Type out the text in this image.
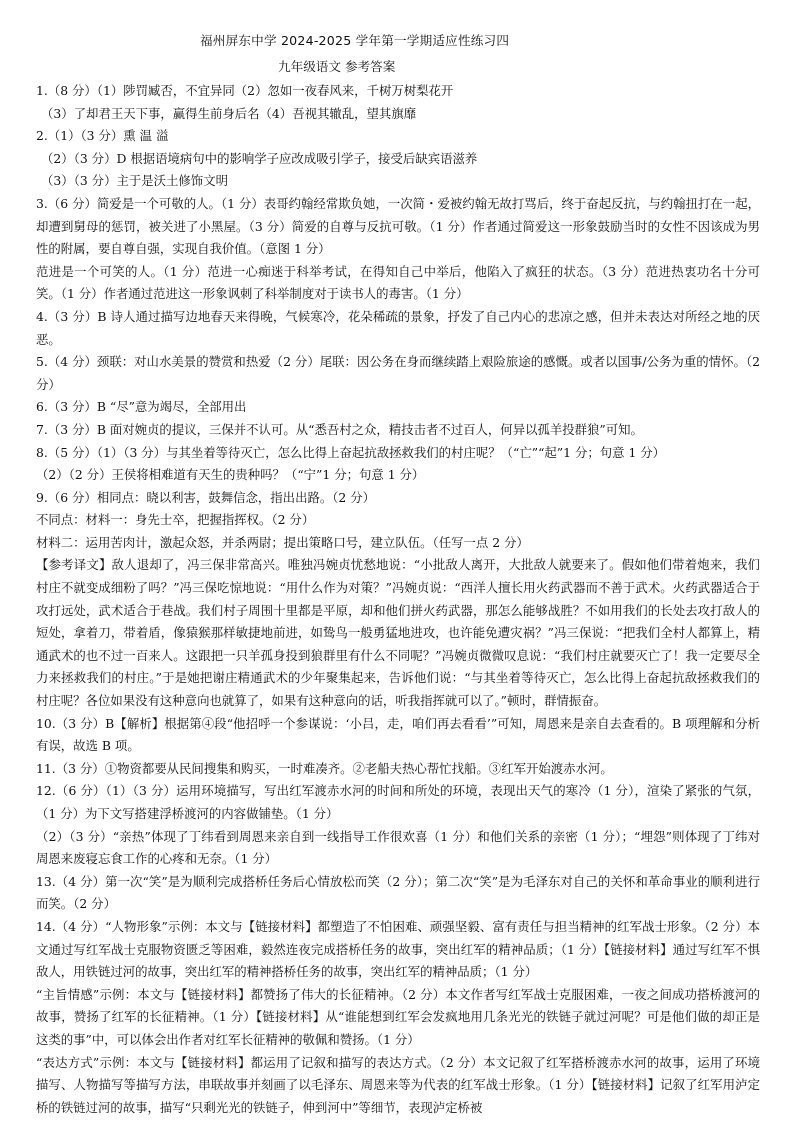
福州屏东中学 2024-2025 学年第一学期适应性练习四
九年级语文 参考答案

1.（8 分）（1）陟罚臧否，不宜异同（2）忽如一夜春风来，千树万树梨花开

（3）了却君王天下事，赢得生前身后名（4）吾视其辙乱，望其旗靡

2.（1）（3 分）熏 温 溢

（2）（3 分）D 根据语境病句中的影响学子应改成吸引学子，接受后缺宾语滋养

（3）（3 分）主于是沃土修饰文明

3.（6 分）简爱是一个可敬的人。（1 分）表哥约翰经常欺负她，一次简・爱被约翰无故打骂后，终于奋起反抗，与约翰扭打在一起，却遭到舅母的惩罚，被关进了小黑屋。（3 分）简爱的自尊与反抗可敬。（1 分）作者通过简爱这一形象鼓励当时的女性不因该成为男性的附属，要自尊自强，实现自我价值。（意图 1 分）

范进是一个可笑的人。（1 分）范进一心痴迷于科举考试，在得知自己中举后，他陷入了疯狂的状态。（3 分）范进热衷功名十分可笑。（1 分）作者通过范进这一形象讽刺了科举制度对于读书人的毒害。（1 分）

4.（3 分）B 诗人通过描写边地春天来得晚，气候寒冷，花朵稀疏的景象，抒发了自己内心的悲凉之感，但并未表达对所经之地的厌恶。

5.（4 分）颈联：对山水美景的赞赏和热爱（2 分）尾联：因公务在身而继续踏上艰险旅途的感慨。或者以国事/公务为重的情怀。（2 分）

6.（3 分）B “尽”意为竭尽，全部用出

7.（3 分）B 面对婉贞的提议，三保并不认可。从“悉吾村之众，精技击者不过百人，何异以孤羊投群狼”可知。

8.（5 分）（1）（3 分）与其坐着等待灭亡，怎么比得上奋起抗敌拯救我们的村庄呢？（“亡”“起”1 分；句意 1 分）

（2）（2 分）王侯将相难道有天生的贵种吗？（“宁”1 分；句意 1 分）

9.（6 分）相同点：晓以利害，鼓舞信念，指出出路。（2 分）

不同点：材料一：身先士卒，把握指挥权。（2 分）

材料二：运用苦肉计，激起众怒，并杀两尉；提出策略口号，建立队伍。（任写一点 2 分）

【参考译文】敌人退却了，冯三保非常高兴。唯独冯婉贞忧愁地说：“小批敌人离开，大批敌人就要来了。假如他们带着炮来，我们村庄不就变成细粉了吗？”冯三保吃惊地说：“用什么作为对策？”冯婉贞说：“西洋人擅长用火药武器而不善于武术。火药武器适合于攻打远处，武术适合于巷战。我们村子周围十里都是平原，却和他们拼火药武器，那怎么能够战胜？不如用我们的长处去攻打敌人的短处，拿着刀，带着盾，像猿猴那样敏捷地前进，如鸷鸟一般勇猛地进攻，也许能免遭灾祸？”冯三保说：“把我们全村人都算上，精通武术的也不过一百来人。这跟把一只羊孤身投到狼群里有什么不同呢？”冯婉贞微微叹息说：“我们村庄就要灭亡了！我一定要尽全力来拯救我们的村庄。”于是她把谢庄精通武术的少年聚集起来，告诉他们说：“与其坐着等待灭亡，怎么比得上奋起抗敌拯救我们的村庄呢？各位如果没有这种意向也就算了，如果有这种意向的话，听我指挥就可以了。”顿时，群情振奋。

10.（3 分）B【解析】根据第④段“他招呼一个参谋说：‘小吕，走，咱们再去看看’”可知，周恩来是亲自去查看的。B 项理解和分析有误，故选 B 项。

11.（3 分）①物资都要从民间搜集和购买，一时难凑齐。②老船夫热心帮忙找船。③红军开始渡赤水河。

12.（6 分）（1）（3 分）运用环境描写，写出红军渡赤水河的时间和所处的环境，表现出天气的寒冷（1 分），渲染了紧张的气氛，（1 分）为下文写搭建浮桥渡河的内容做铺垫。（1 分）

（2）（3 分）“亲热”体现了丁纬看到周恩来亲自到一线指导工作很欢喜（1 分）和他们关系的亲密（1 分）；“埋怨”则体现了丁纬对周恩来废寝忘食工作的心疼和无奈。（1 分）

13.（4 分）第一次“笑”是为顺利完成搭桥任务后心情放松而笑（2 分）；第二次“笑”是为毛泽东对自己的关怀和革命事业的顺利进行而笑。（2 分）

14.（4 分）“人物形象”示例：本文与【链接材料】都塑造了不怕困难、顽强坚毅、富有责任与担当精神的红军战士形象。（2 分）本文通过写红军战士克服物资匮乏等困难，毅然连夜完成搭桥任务的故事，突出红军的精神品质；（1 分）【链接材料】通过写红军不惧敌人，用铁链过河的故事，突出红军的精神搭桥任务的故事，突出红军的精神品质；（1 分）

“主旨情感”示例：本文与【链接材料】都赞扬了伟大的长征精神。（2 分）本文作者写红军战士克服困难，一夜之间成功搭桥渡河的故事，赞扬了红军的长征精神。（1 分）【链接材料】从“谁能想到红军会发疯地用几条光光的铁链子就过河呢？可是他们做的却正是这类的事”中，可以体会出作者对红军长征精神的敬佩和赞扬。（1 分）

“表达方式”示例：本文与【链接材料】都运用了记叙和描写的表达方式。（2 分）本文记叙了红军搭桥渡赤水河的故事，运用了环境描写、人物描写等描写方法，串联故事并刻画了以毛泽东、周恩来等为代表的红军战士形象。（1 分）【链接材料】记叙了红军用泸定桥的铁链过河的故事，描写“只剩光光的铁链子，伸到河中”等细节，表现泸定桥被
